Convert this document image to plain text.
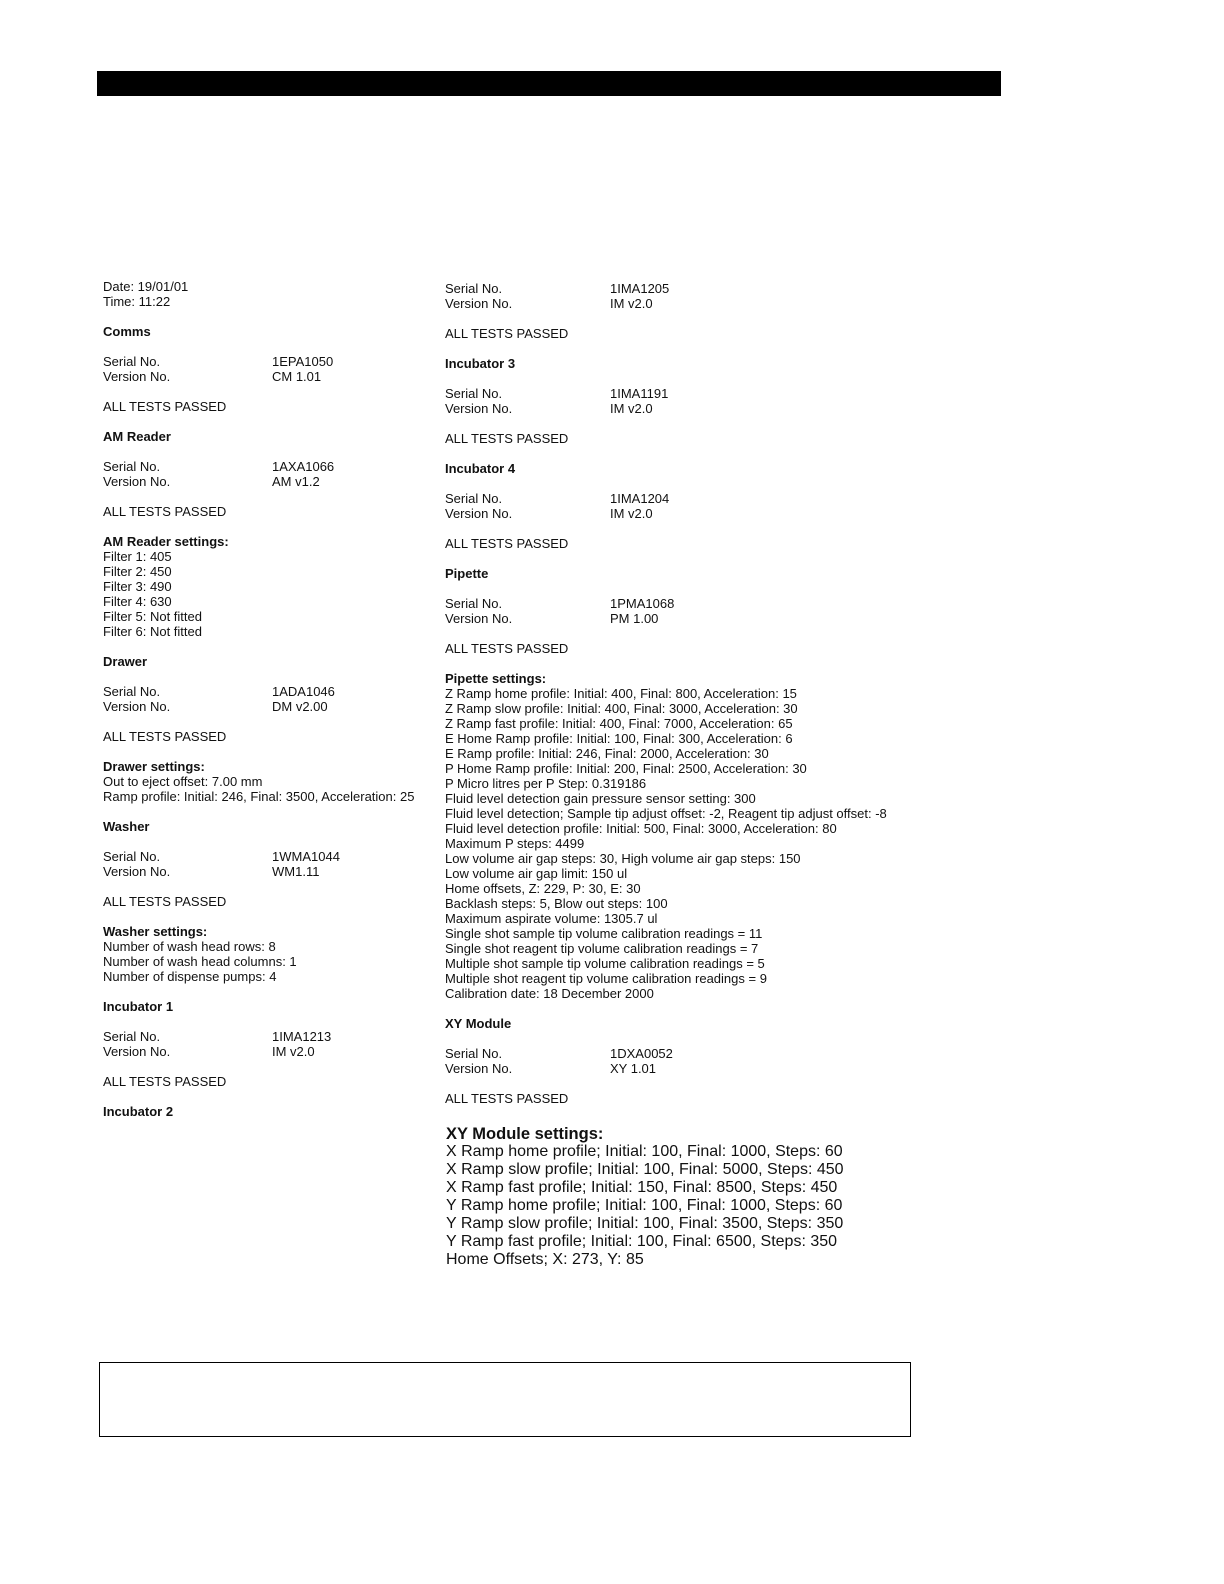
Date: 19/01/01
Time: 11:22
Comms
Serial No.	1EPA1050
Version No.	CM 1.01
ALL TESTS PASSED
AM Reader
Serial No.	1AXA1066
Version No.	AM v1.2
ALL TESTS PASSED
AM Reader settings:
Filter 1: 405
Filter 2: 450
Filter 3: 490
Filter 4: 630
Filter 5: Not fitted
Filter 6: Not fitted
Drawer
Serial No.	1ADA1046
Version No.	DM v2.00
ALL TESTS PASSED
Drawer settings:
Out to eject offset: 7.00 mm
Ramp profile: Initial: 246, Final: 3500, Acceleration: 25
Washer
Serial No.	1WMA1044
Version No.	WM1.11
ALL TESTS PASSED
Washer settings:
Number of wash head rows: 8
Number of wash head columns: 1
Number of dispense pumps: 4
Incubator 1
Serial No.	1IMA1213
Version No.	IM v2.0
ALL TESTS PASSED
Incubator 2
Serial No.	1IMA1205
Version No.	IM v2.0
ALL TESTS PASSED
Incubator 3
Serial No.	1IMA1191
Version No.	IM v2.0
ALL TESTS PASSED
Incubator 4
Serial No.	1IMA1204
Version No.	IM v2.0
ALL TESTS PASSED
Pipette
Serial No.	1PMA1068
Version No.	PM 1.00
ALL TESTS PASSED
Pipette settings:
Z Ramp home profile: Initial: 400, Final: 800, Acceleration: 15
Z Ramp slow profile: Initial: 400, Final: 3000, Acceleration: 30
Z Ramp fast profile: Initial: 400, Final: 7000, Acceleration: 65
E Home Ramp profile: Initial: 100, Final: 300, Acceleration: 6
E Ramp profile: Initial: 246, Final: 2000, Acceleration: 30
P Home Ramp profile: Initial: 200, Final: 2500, Acceleration: 30
P Micro litres per P Step: 0.319186
Fluid level detection gain pressure sensor setting: 300
Fluid level detection; Sample tip adjust offset: -2, Reagent tip adjust offset: -8
Fluid level detection profile: Initial: 500, Final: 3000, Acceleration: 80
Maximum P steps: 4499
Low volume air gap steps: 30, High volume air gap steps: 150
Low volume air gap limit: 150 ul
Home offsets, Z: 229, P: 30, E: 30
Backlash steps: 5, Blow out steps: 100
Maximum aspirate volume: 1305.7 ul
Single shot sample tip volume calibration readings = 11
Single shot reagent tip volume calibration readings = 7
Multiple shot sample tip volume calibration readings = 5
Multiple shot reagent tip volume calibration readings = 9
Calibration date: 18 December 2000
XY Module
Serial No.	1DXA0052
Version No.	XY 1.01
ALL TESTS PASSED
XY Module settings:
X Ramp home profile; Initial: 100, Final: 1000, Steps: 60
X Ramp slow profile; Initial: 100, Final: 5000, Steps: 450
X Ramp fast profile; Initial: 150, Final: 8500, Steps: 450
Y Ramp home profile; Initial: 100, Final: 1000, Steps: 60
Y Ramp slow profile; Initial: 100, Final: 3500, Steps: 350
Y Ramp fast profile; Initial: 100, Final: 6500, Steps: 350
Home Offsets; X: 273, Y: 85
